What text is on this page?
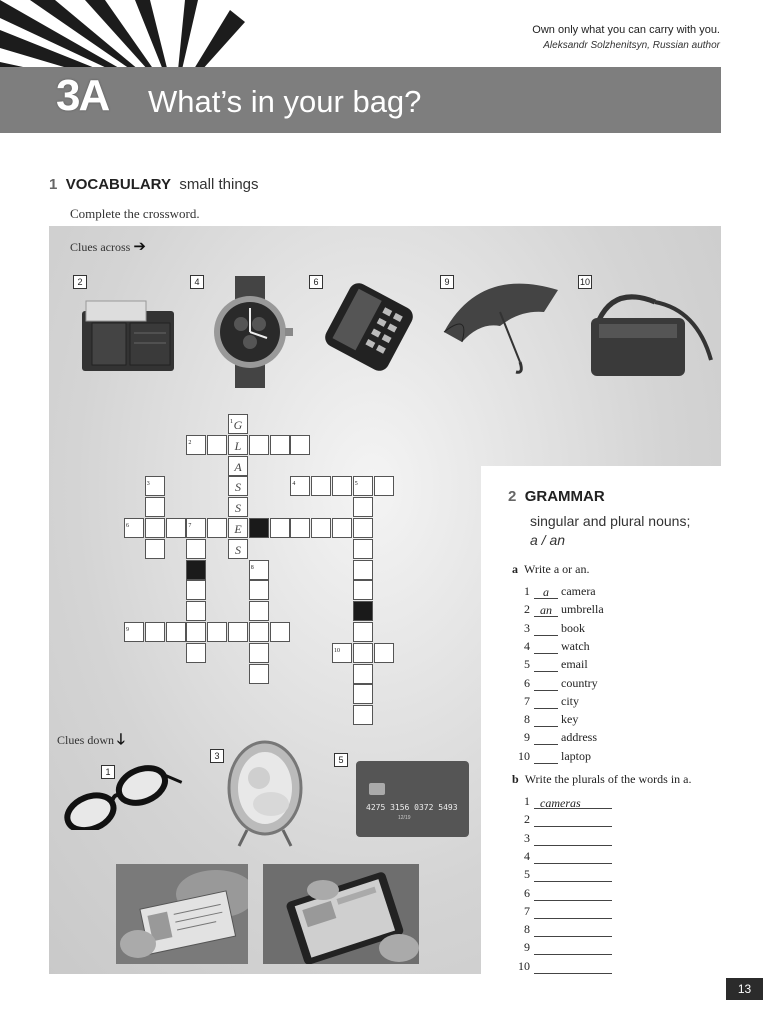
Own only what you can carry with you.
Aleksandr Solzhenitsyn, Russian author
3A What’s in your bag?
1 VOCABULARY small things
Complete the crossword.
Clues across ➔
2	4	6	9	10
G
1
L
A
S
S
E
S
2
3	4	5
6	7
8
9
10
Clues down 🡓
1
3	5
4275 3156 0372 5493
12/19
2 GRAMMAR
singular and plural nouns;
a / an
a Write a or an.
1 a camera
2 an umbrella
3	book
4	watch
5	email
6	country
7	city
8	key
9	address
10	laptop
b Write the plurals of the words in a.
1 cameras
2
3
4
5
6
7
8
9
10
13
